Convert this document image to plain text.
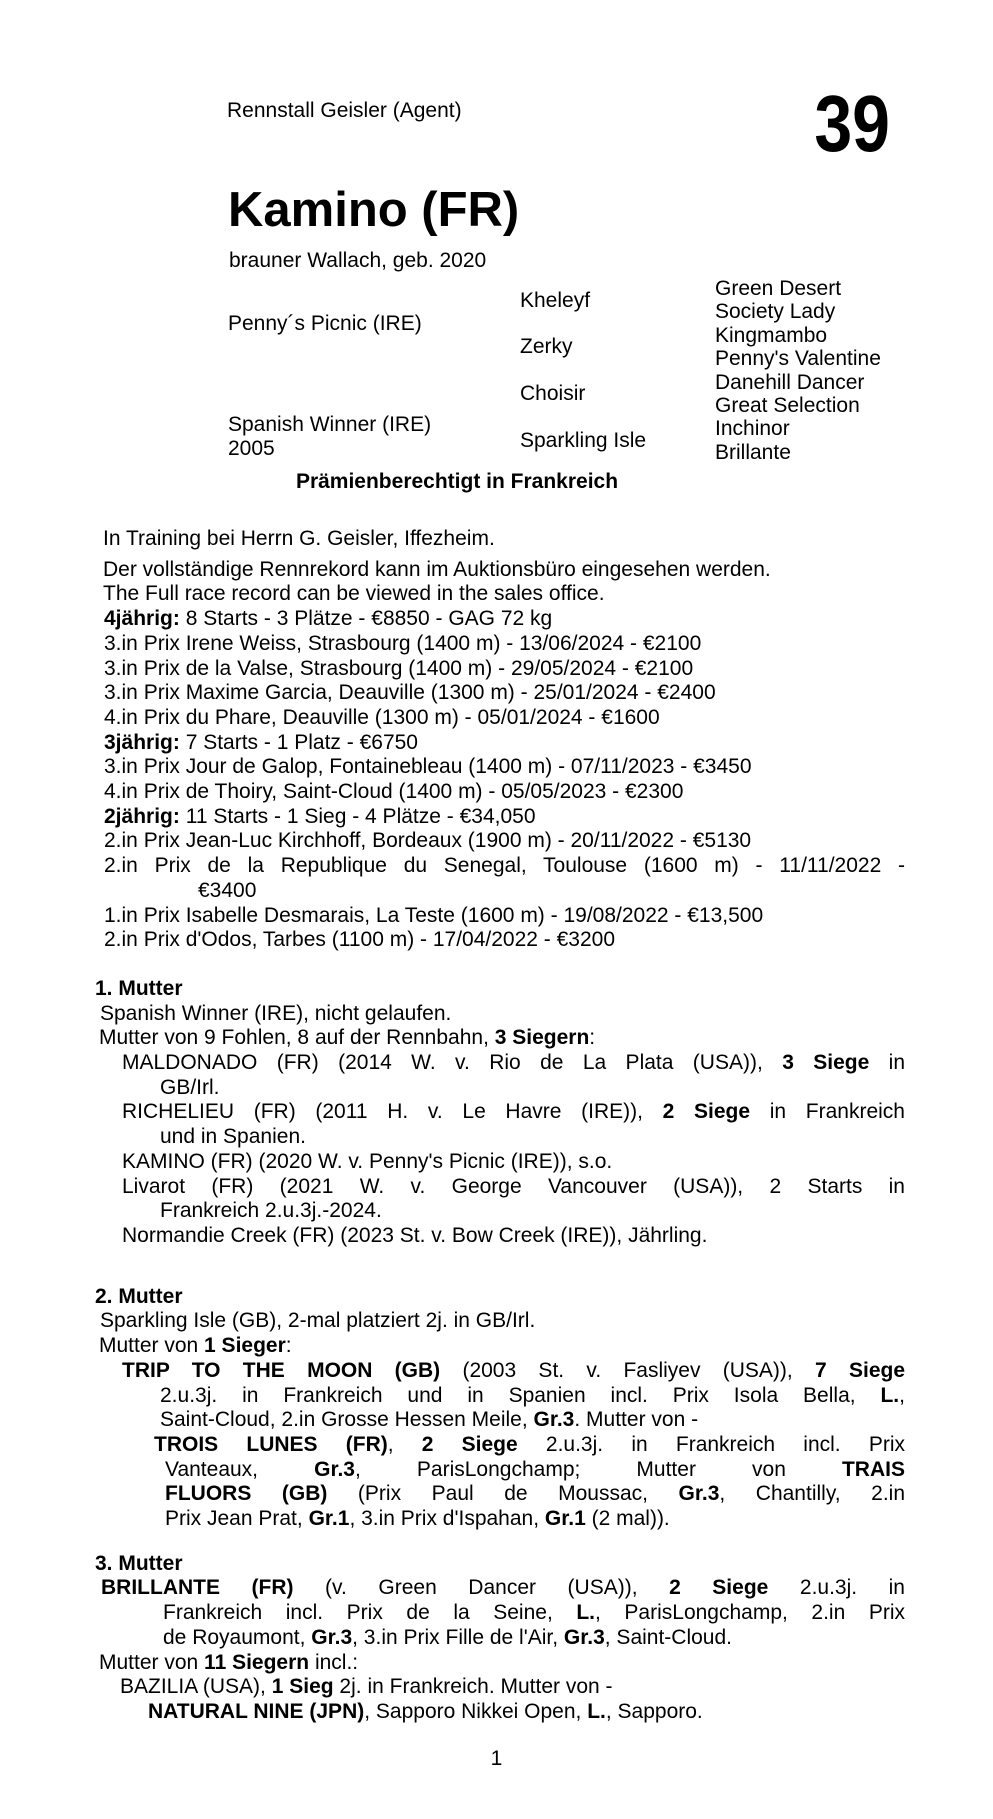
Rennstall Geisler (Agent)	39
Kamino (FR)
brauner Wallach, geb. 2020
Penny´s Picnic (IRE)
Spanish Winner (IRE)
2005
Kheleyf
Zerky
Choisir
Sparkling Isle
Green Desert
Society Lady
Kingmambo
Penny's Valentine
Danehill Dancer
Great Selection
Inchinor
Brillante
Prämienberechtigt in Frankreich
In Training bei Herrn G. Geisler, Iffezheim.
Der vollständige Rennrekord kann im Auktionsbüro eingesehen werden.
The Full race record can be viewed in the sales office.
4jährig: 8 Starts - 3 Plätze - €8850 - GAG 72 kg
3.in Prix Irene Weiss, Strasbourg (1400 m) - 13/06/2024 - €2100
3.in Prix de la Valse, Strasbourg (1400 m) - 29/05/2024 - €2100
3.in Prix Maxime Garcia, Deauville (1300 m) - 25/01/2024 - €2400
4.in Prix du Phare, Deauville (1300 m) - 05/01/2024 - €1600
3jährig: 7 Starts - 1 Platz - €6750
3.in Prix Jour de Galop, Fontainebleau (1400 m) - 07/11/2023 - €3450
4.in Prix de Thoiry, Saint-Cloud (1400 m) - 05/05/2023 - €2300
2jährig: 11 Starts - 1 Sieg - 4 Plätze - €34,050
2.in Prix Jean-Luc Kirchhoff, Bordeaux (1900 m) - 20/11/2022 - €5130
2.in Prix de la Republique du Senegal, Toulouse (1600 m) - 11/11/2022 -
€3400
1.in Prix Isabelle Desmarais, La Teste (1600 m) - 19/08/2022 - €13,500
2.in Prix d'Odos, Tarbes (1100 m) - 17/04/2022 - €3200
1. Mutter
Spanish Winner (IRE), nicht gelaufen.
Mutter von 9 Fohlen, 8 auf der Rennbahn, 3 Siegern:
MALDONADO (FR) (2014 W. v. Rio de La Plata (USA)), 3 Siege in
GB/Irl.
RICHELIEU (FR) (2011 H. v. Le Havre (IRE)), 2 Siege in Frankreich
und in Spanien.
KAMINO (FR) (2020 W. v. Penny's Picnic (IRE)), s.o.
Livarot (FR) (2021 W. v. George Vancouver (USA)), 2 Starts in
Frankreich 2.u.3j.-2024.
Normandie Creek (FR) (2023 St. v. Bow Creek (IRE)), Jährling.
2. Mutter
Sparkling Isle (GB), 2-mal platziert 2j. in GB/Irl.
Mutter von 1 Sieger:
TRIP TO THE MOON (GB) (2003 St. v. Fasliyev (USA)), 7 Siege
2.u.3j. in Frankreich und in Spanien incl. Prix Isola Bella, L.,
Saint-Cloud, 2.in Grosse Hessen Meile, Gr.3. Mutter von -
TROIS LUNES (FR), 2 Siege 2.u.3j. in Frankreich incl. Prix
Vanteaux, Gr.3, ParisLongchamp; Mutter von TRAIS
FLUORS (GB) (Prix Paul de Moussac, Gr.3, Chantilly, 2.in
Prix Jean Prat, Gr.1, 3.in Prix d'Ispahan, Gr.1 (2 mal)).
3. Mutter
BRILLANTE (FR) (v. Green Dancer (USA)), 2 Siege 2.u.3j. in
Frankreich incl. Prix de la Seine, L., ParisLongchamp, 2.in Prix
de Royaumont, Gr.3, 3.in Prix Fille de l'Air, Gr.3, Saint-Cloud.
Mutter von 11 Siegern incl.:
BAZILIA (USA), 1 Sieg 2j. in Frankreich. Mutter von -
NATURAL NINE (JPN), Sapporo Nikkei Open, L., Sapporo.
1
